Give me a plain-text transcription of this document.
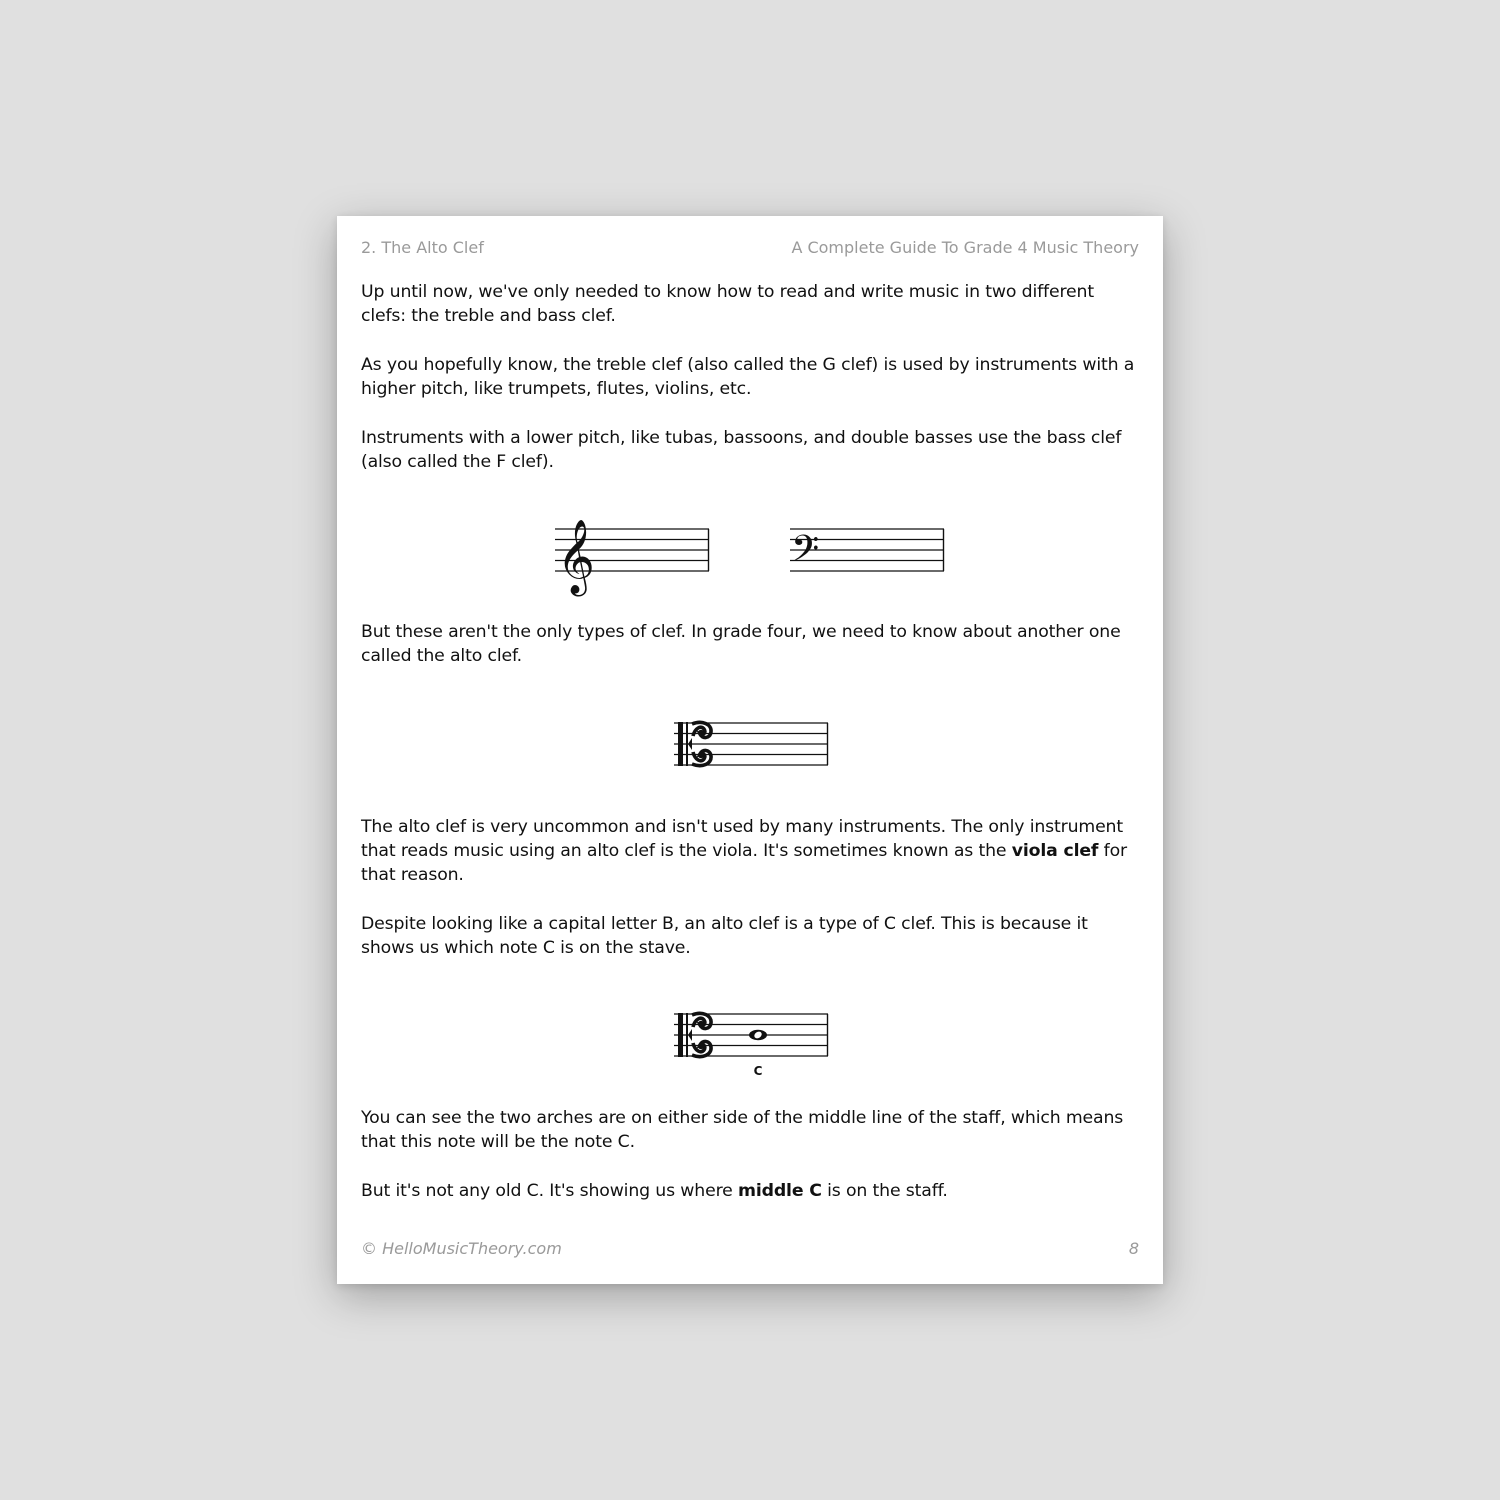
2. The Alto Clef	A Complete Guide To Grade 4 Music Theory

Up until now, we've only needed to know how to read and write music in two different clefs: the treble and bass clef.

As you hopefully know, the treble clef (also called the G clef) is used by instruments with a higher pitch, like trumpets, flutes, violins, etc.

Instruments with a lower pitch, like tubas, bassoons, and double basses use the bass clef (also called the F clef).

𝄞	𝄢

But these aren't the only types of clef. In grade four, we need to know about another one called the alto clef.

The alto clef is very uncommon and isn't used by many instruments. The only instrument that reads music using an alto clef is the viola. It's sometimes known as the viola clef for that reason.

Despite looking like a capital letter B, an alto clef is a type of C clef. This is because it shows us which note C is on the stave.

C

You can see the two arches are on either side of the middle line of the staff, which means that this note will be the note C.

But it's not any old C. It's showing us where middle C is on the staff.

© HelloMusicTheory.com	8
